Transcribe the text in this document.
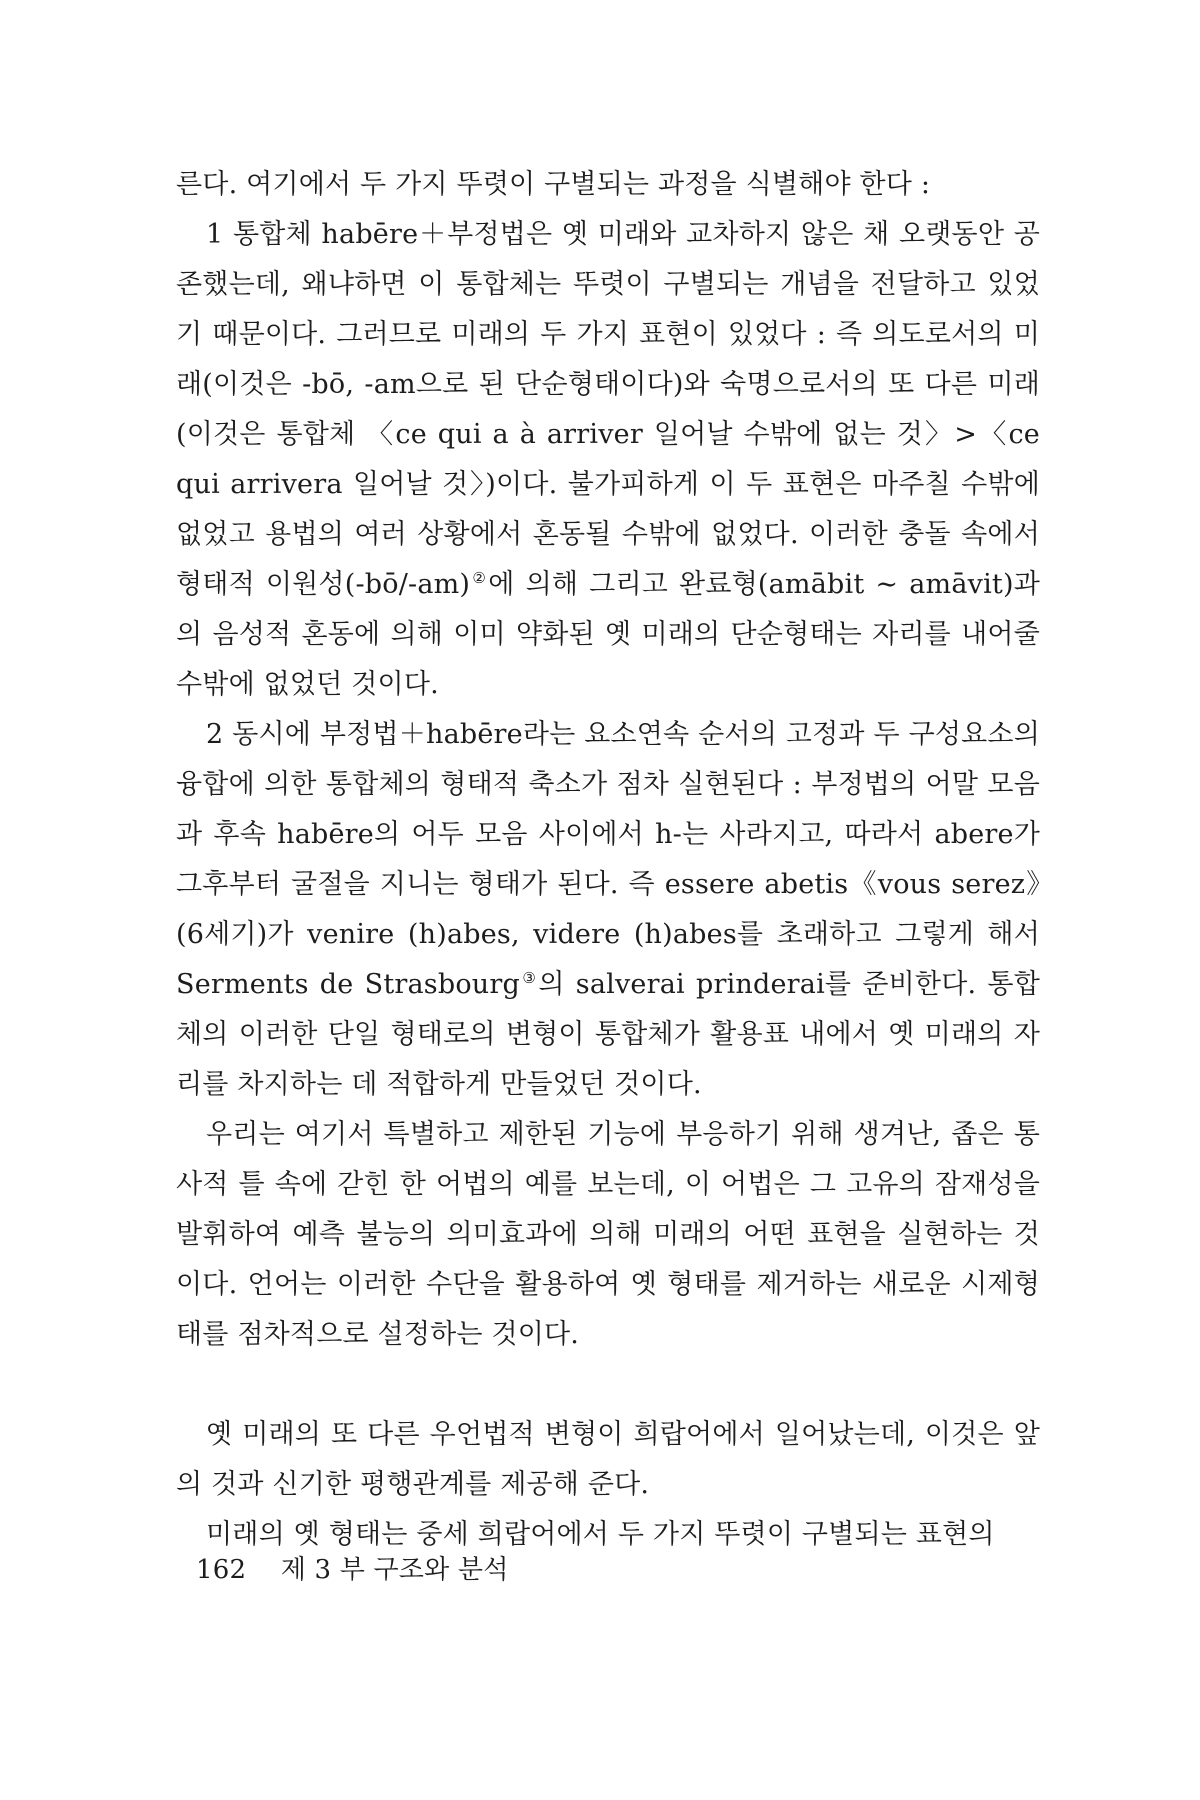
른다. 여기에서 두 가지 뚜렷이 구별되는 과정을 식별해야 한다 :

1 통합체 habēre＋부정법은 옛 미래와 교차하지 않은 채 오랫동안 공존했는데, 왜냐하면 이 통합체는 뚜렷이 구별되는 개념을 전달하고 있었기 때문이다. 그러므로 미래의 두 가지 표현이 있었다 : 즉 의도로서의 미래(이것은 -bō, -am으로 된 단순형태이다)와 숙명으로서의 또 다른 미래(이것은 통합체 〈ce qui a à arriver 일어날 수밖에 없는 것〉>〈ce qui arrivera 일어날 것〉)이다. 불가피하게 이 두 표현은 마주칠 수밖에 없었고 용법의 여러 상황에서 혼동될 수밖에 없었다. 이러한 충돌 속에서 형태적 이원성(-bō/-am)②에 의해 그리고 완료형(amābit ∼ amāvit)과의 음성적 혼동에 의해 이미 약화된 옛 미래의 단순형태는 자리를 내어줄 수밖에 없었던 것이다.

2 동시에 부정법＋habēre라는 요소연속 순서의 고정과 두 구성요소의 융합에 의한 통합체의 형태적 축소가 점차 실현된다 : 부정법의 어말 모음과 후속 habēre의 어두 모음 사이에서 h-는 사라지고, 따라서 abere가 그후부터 굴절을 지니는 형태가 된다. 즉 essere abetis《vous serez》(6세기)가 venire (h)abes, videre (h)abes를 초래하고 그렇게 해서 Serments de Strasbourg③의 salverai prinderai를 준비한다. 통합체의 이러한 단일 형태로의 변형이 통합체가 활용표 내에서 옛 미래의 자리를 차지하는 데 적합하게 만들었던 것이다.

우리는 여기서 특별하고 제한된 기능에 부응하기 위해 생겨난, 좁은 통사적 틀 속에 갇힌 한 어법의 예를 보는데, 이 어법은 그 고유의 잠재성을 발휘하여 예측 불능의 의미효과에 의해 미래의 어떤 표현을 실현하는 것이다. 언어는 이러한 수단을 활용하여 옛 형태를 제거하는 새로운 시제형태를 점차적으로 설정하는 것이다.

옛 미래의 또 다른 우언법적 변형이 희랍어에서 일어났는데, 이것은 앞의 것과 신기한 평행관계를 제공해 준다.

미래의 옛 형태는 중세 희랍어에서 두 가지 뚜렷이 구별되는 표현의

162 제 3 부 구조와 분석
